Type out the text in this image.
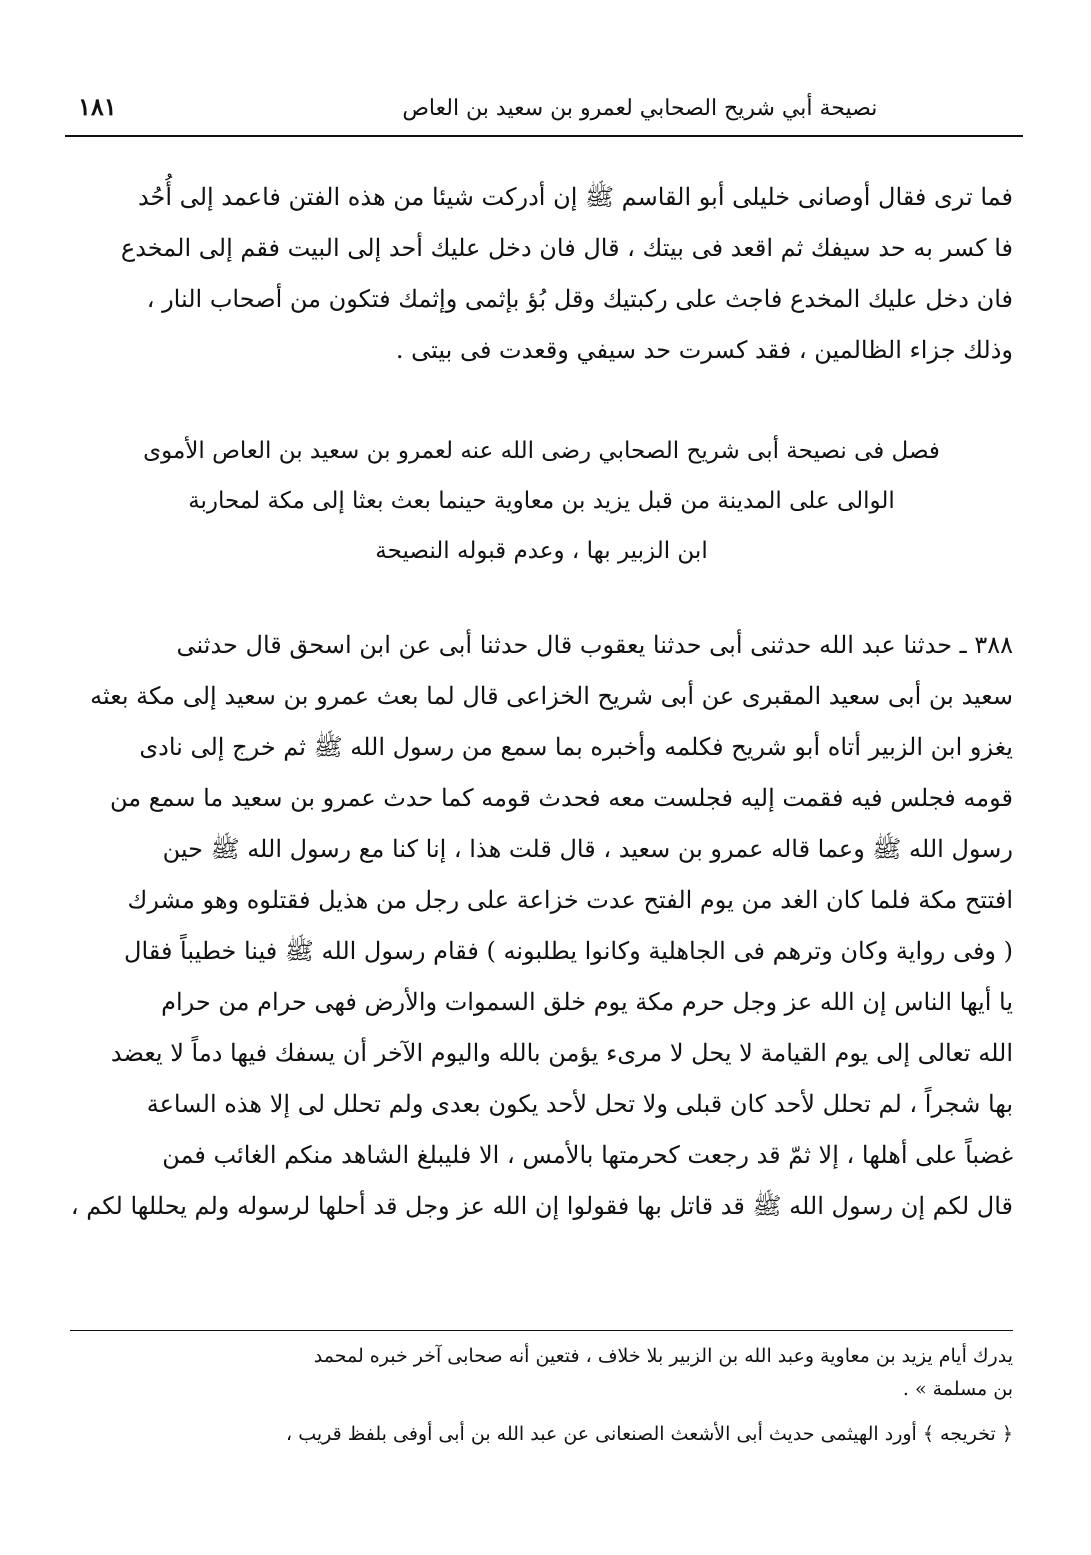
نصيحة أبي شريح الصحابي لعمرو بن سعيد بن العاص
١٨١

فما ترى فقال أوصانى خليلى أبو القاسم ﷺ إن أدركت شيئا من هذه الفتن فاعمد إلى أُحُد

فا كسر به حد سيفك ثم اقعد فى بيتك ، قال فان دخل عليك أحد إلى البيت فقم إلى المخدع

فان دخل عليك المخدع فاجث على ركبتيك وقل بُؤ بإثمى وإثمك فتكون من أصحاب النار ،

وذلك جزاء الظالمين ، فقد كسرت حد سيفي وقعدت فى بيتى .

فصل فى نصيحة أبى شريح الصحابي رضى الله عنه لعمرو بن سعيد بن العاص الأموى

الوالى على المدينة من قبل يزيد بن معاوية حينما بعث بعثا إلى مكة لمحاربة

ابن الزبير بها ، وعدم قبوله النصيحة

٣٨٨ ـ حدثنا عبد الله حدثنى أبى حدثنا يعقوب قال حدثنا أبى عن ابن اسحق قال حدثنى

سعيد بن أبى سعيد المقبرى عن أبى شريح الخزاعى قال لما بعث عمرو بن سعيد إلى مكة بعثه

يغزو ابن الزبير أتاه أبو شريح فكلمه وأخبره بما سمع من رسول الله ﷺ ثم خرج إلى نادى

قومه فجلس فيه فقمت إليه فجلست معه فحدث قومه كما حدث عمرو بن سعيد ما سمع من

رسول الله ﷺ وعما قاله عمرو بن سعيد ، قال قلت هذا ، إنا كنا مع رسول الله ﷺ حين

افتتح مكة فلما كان الغد من يوم الفتح عدت خزاعة على رجل من هذيل فقتلوه وهو مشرك

( وفى رواية وكان وترهم فى الجاهلية وكانوا يطلبونه ) فقام رسول الله ﷺ فينا خطيباً فقال

يا أيها الناس إن الله عز وجل حرم مكة يوم خلق السموات والأرض فهى حرام من حرام

الله تعالى إلى يوم القيامة لا يحل لا مرىء يؤمن بالله واليوم الآخر أن يسفك فيها دماً لا يعضد

بها شجراً ، لم تحلل لأحد كان قبلى ولا تحل لأحد يكون بعدى ولم تحلل لى إلا هذه الساعة

غضباً على أهلها ، إلا ثمّ قد رجعت كحرمتها بالأمس ، الا فليبلغ الشاهد منكم الغائب فمن

قال لكم إن رسول الله ﷺ قد قاتل بها فقولوا إن الله عز وجل قد أحلها لرسوله ولم يحللها لكم ،

يدرك أيام يزيد بن معاوية وعبد الله بن الزبير بلا خلاف ، فتعين أنه صحابى آخر خبره لمحمد

بن مسلمة » .

﴿ تخريجه ﴾ أورد الهيثمى حديث أبى الأشعث الصنعانى عن عبد الله بن أبى أوفى بلفظ قريب ،
